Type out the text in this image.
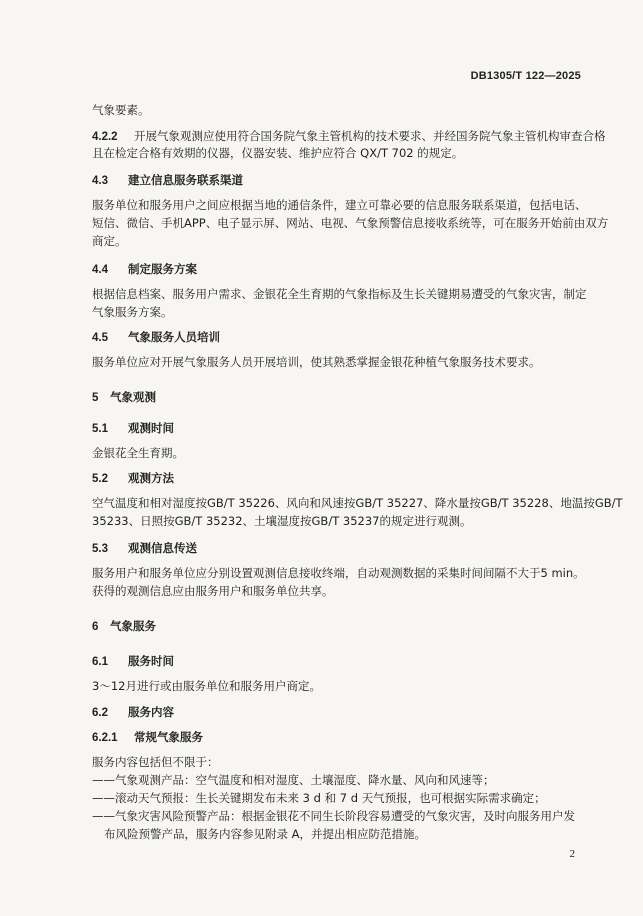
DB1305/T 122—2025
气象要素。
4.2.2 开展气象观测应使用符合国务院气象主管机构的技术要求、并经国务院气象主管机构审查合格
且在检定合格有效期的仪器，仪器安装、维护应符合 QX/T 702 的规定。
4.3 建立信息服务联系渠道
服务单位和服务用户之间应根据当地的通信条件，建立可靠必要的信息服务联系渠道，包括电话、
短信、微信、手机APP、电子显示屏、网站、电视、气象预警信息接收系统等，可在服务开始前由双方
商定。
4.4 制定服务方案
根据信息档案、服务用户需求、金银花全生育期的气象指标及生长关键期易遭受的气象灾害，制定
气象服务方案。
4.5 气象服务人员培训
服务单位应对开展气象服务人员开展培训，使其熟悉掌握金银花种植气象服务技术要求。
5 气象观测
5.1 观测时间
金银花全生育期。
5.2 观测方法
空气温度和相对湿度按GB/T 35226、风向和风速按GB/T 35227、降水量按GB/T 35228、地温按GB/T
35233、日照按GB/T 35232、土壤湿度按GB/T 35237的规定进行观测。
5.3 观测信息传送
服务用户和服务单位应分别设置观测信息接收终端，自动观测数据的采集时间间隔不大于5 min。
获得的观测信息应由服务用户和服务单位共享。
6 气象服务
6.1 服务时间
3～12月进行或由服务单位和服务用户商定。
6.2 服务内容
6.2.1 常规气象服务
服务内容包括但不限于：
——气象观测产品：空气温度和相对湿度、土壤湿度、降水量、风向和风速等；
——滚动天气预报：生长关键期发布未来 3 d 和 7 d 天气预报，也可根据实际需求确定；
——气象灾害风险预警产品：根据金银花不同生长阶段容易遭受的气象灾害，及时向服务用户发
布风险预警产品，服务内容参见附录 A，并提出相应防范措施。
2
